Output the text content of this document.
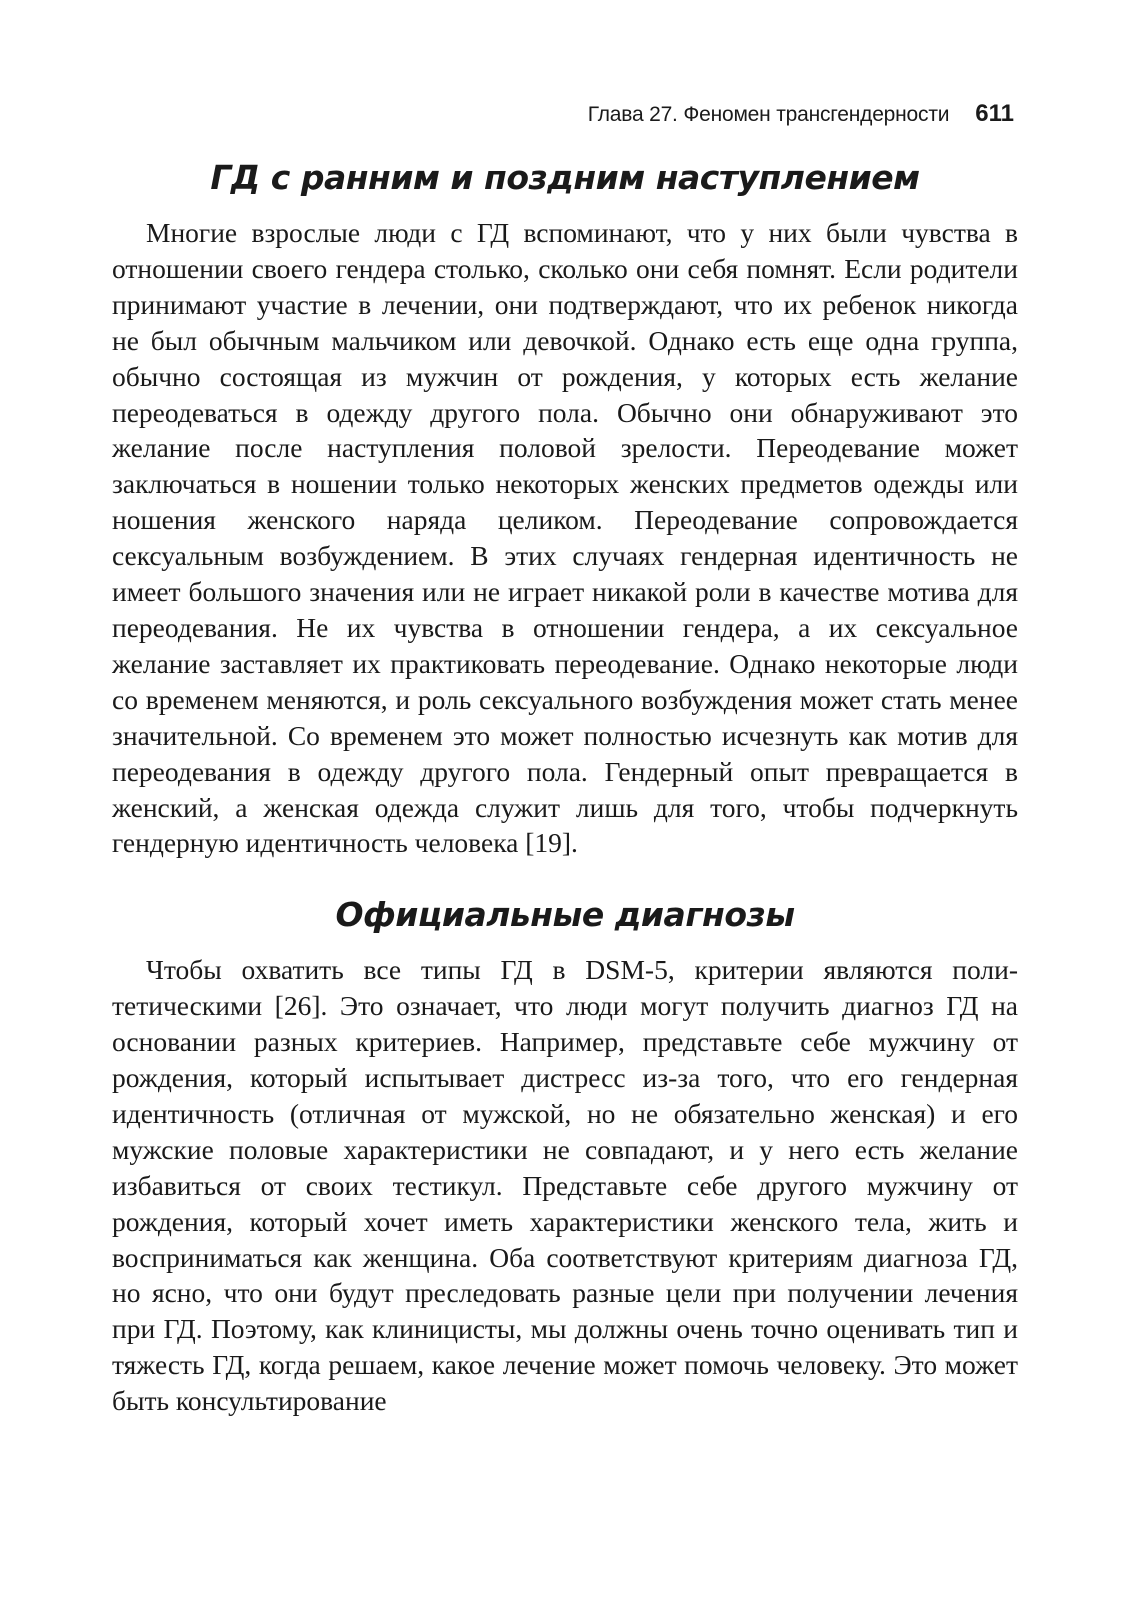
Глава 27. Феномен трансгендерности 611
ГД с ранним и поздним наступлением

Многие взрослые люди с ГД вспоминают, что у них были чувства в отношении своего гендера столько, сколько они себя помнят. Если родители принимают участие в лечении, они подтверждают, что их ребенок никогда не был обычным мальчиком или девочкой. Однако есть еще одна группа, обычно состоящая из мужчин от рождения, у которых есть желание переодеваться в одежду другого пола. Обычно они обнаруживают это желание после наступления половой зрелости. Переодевание может заключаться в ношении только некоторых женских предметов одежды или ношения женского наряда целиком. Переодевание сопровождается сексуальным возбуждением. В этих случаях гендерная идентичность не имеет большого значения или не играет никакой роли в качестве мотива для переодевания. Не их чувства в отношении гендера, а их сексуальное желание заставляет их практиковать переодевание. Однако некоторые люди со временем меняются, и роль сексуального возбуждения может стать менее значительной. Со временем это может полностью исчезнуть как мотив для переодевания в одежду другого пола. Гендерный опыт превращается в женский, а женская одежда служит лишь для того, чтобы подчеркнуть гендерную идентичность человека [19].

Официальные диагнозы

Чтобы охватить все типы ГД в DSM-5, критерии являются политетическими [26]. Это означает, что люди могут получить диагноз ГД на основании разных критериев. Например, представьте себе мужчину от рождения, который испытывает дистресс из-за того, что его гендерная идентичность (отличная от мужской, но не обязательно женская) и его мужские половые характеристики не совпадают, и у него есть желание избавиться от своих тестикул. Представьте себе другого мужчину от рождения, который хочет иметь характеристики женского тела, жить и восприниматься как женщина. Оба соответствуют критериям диагноза ГД, но ясно, что они будут преследовать разные цели при получении лечения при ГД. Поэтому, как клиницисты, мы должны очень точно оценивать тип и тяжесть ГД, когда решаем, какое лечение может помочь человеку. Это может быть консультирование
